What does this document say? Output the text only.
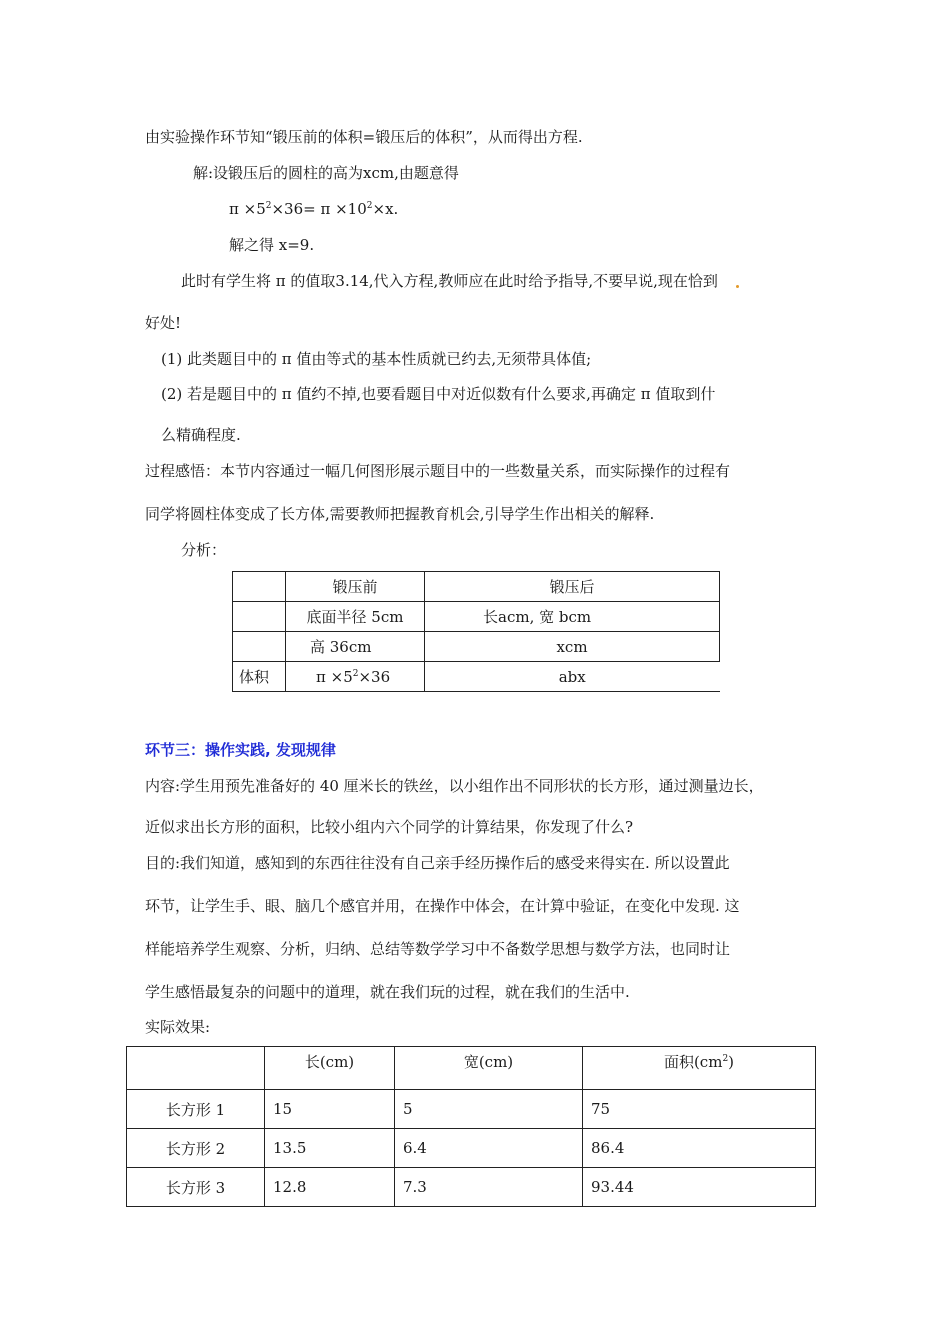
由实验操作环节知“锻压前的体积=锻压后的体积”，从而得出方程.
解:设锻压后的圆柱的高为xcm,由题意得
$\pi \times 5^2\times 36= \pi \times 10^2\times x$.
解之得 x=9.
此时有学生将 π 的值取3.14,代入方程,教师应在此时给予指导,不要早说,现在恰到
好处!
(1) 此类题目中的 π 值由等式的基本性质就已约去,无须带具体值;
(2) 若是题目中的 π 值约不掉,也要看题目中对近似数有什么要求,再确定 π 值取到什
么精确程度.
过程感悟：本节内容通过一幅几何图形展示题目中的一些数量关系，而实际操作的过程有
同学将圆柱体变成了长方体,需要教师把握教育机会,引导学生作出相关的解释.
分析：
	锻压前	锻压后
	底面半径 5cm	长acm, 宽 bcm
	高 36cm	xcm
体积	$\pi \times 5^2\times 36$	abx
环节三：操作实践, 发现规律
内容:学生用预先准备好的 40 厘米长的铁丝，以小组作出不同形状的长方形，通过测量边长，
近似求出长方形的面积，比较小组内六个同学的计算结果，你发现了什么?
目的:我们知道，感知到的东西往往没有自己亲手经历操作后的感受来得实在. 所以设置此
环节，让学生手、眼、脑几个感官并用，在操作中体会，在计算中验证，在变化中发现. 这
样能培养学生观察、分析，归纳、总结等数学学习中不备数学思想与数学方法，也同时让
学生感悟最复杂的问题中的道理，就在我们玩的过程，就在我们的生活中.
实际效果:
	长(cm)	宽(cm)	面积$(cm^2)$
长方形 1	15	5	75
长方形 2	13.5	6.4	86.4
长方形 3	12.8	7.3	93.44
